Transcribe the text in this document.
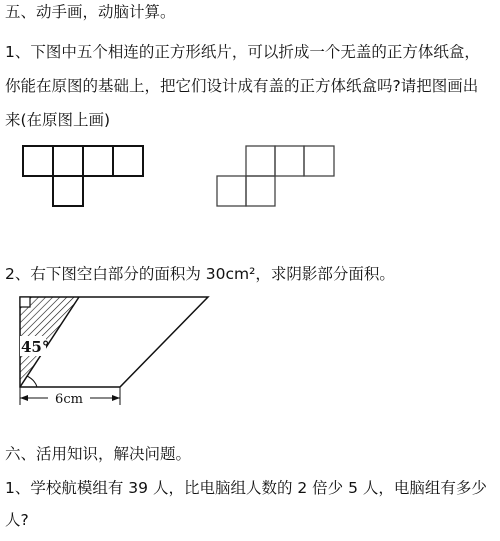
五、动手画，动脑计算。
1、下图中五个相连的正方形纸片，可以折成一个无盖的正方体纸盒，
你能在原图的基础上，把它们设计成有盖的正方体纸盒吗?请把图画出
来(在原图上画)
2、右下图空白部分的面积为 30cm²，求阴影部分面积。
45°
6cm
六、活用知识，解决问题。
1、学校航模组有 39 人，比电脑组人数的 2 倍少 5 人，电脑组有多少
人?
